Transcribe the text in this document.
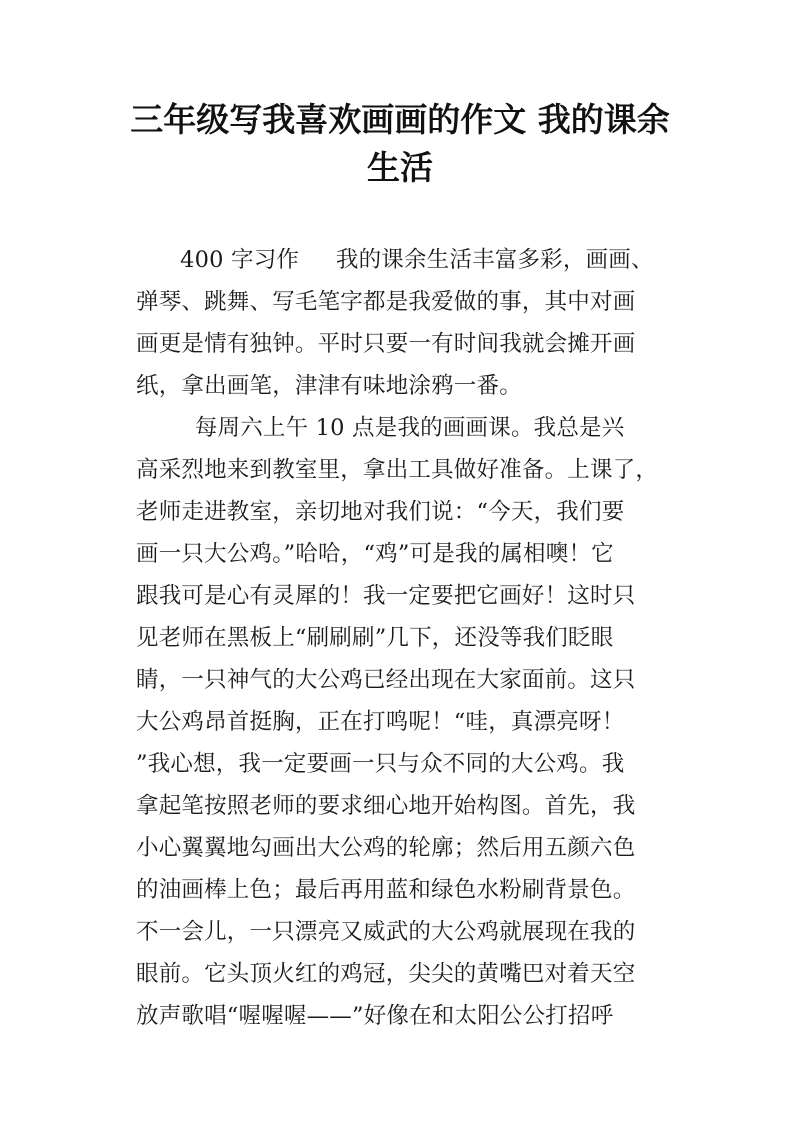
三年级写我喜欢画画的作文 我的课余
生活
400 字习作     我的课余生活丰富多彩，画画、
弹琴、跳舞、写毛笔字都是我爱做的事，其中对画
画更是情有独钟。平时只要一有时间我就会摊开画
纸，拿出画笔，津津有味地涂鸦一番。
每周六上午 10 点是我的画画课。我总是兴
高采烈地来到教室里，拿出工具做好准备。上课了，
老师走进教室，亲切地对我们说：“今天，我们要
画一只大公鸡。”哈哈，“鸡”可是我的属相噢！它
跟我可是心有灵犀的！我一定要把它画好！这时只
见老师在黑板上“刷刷刷”几下，还没等我们眨眼
睛，一只神气的大公鸡已经出现在大家面前。这只
大公鸡昂首挺胸，正在打鸣呢！“哇，真漂亮呀！
”我心想，我一定要画一只与众不同的大公鸡。我
拿起笔按照老师的要求细心地开始构图。首先，我
小心翼翼地勾画出大公鸡的轮廓；然后用五颜六色
的油画棒上色；最后再用蓝和绿色水粉刷背景色。
不一会儿，一只漂亮又威武的大公鸡就展现在我的
眼前。它头顶火红的鸡冠，尖尖的黄嘴巴对着天空
放声歌唱“喔喔喔——”好像在和太阳公公打招呼
